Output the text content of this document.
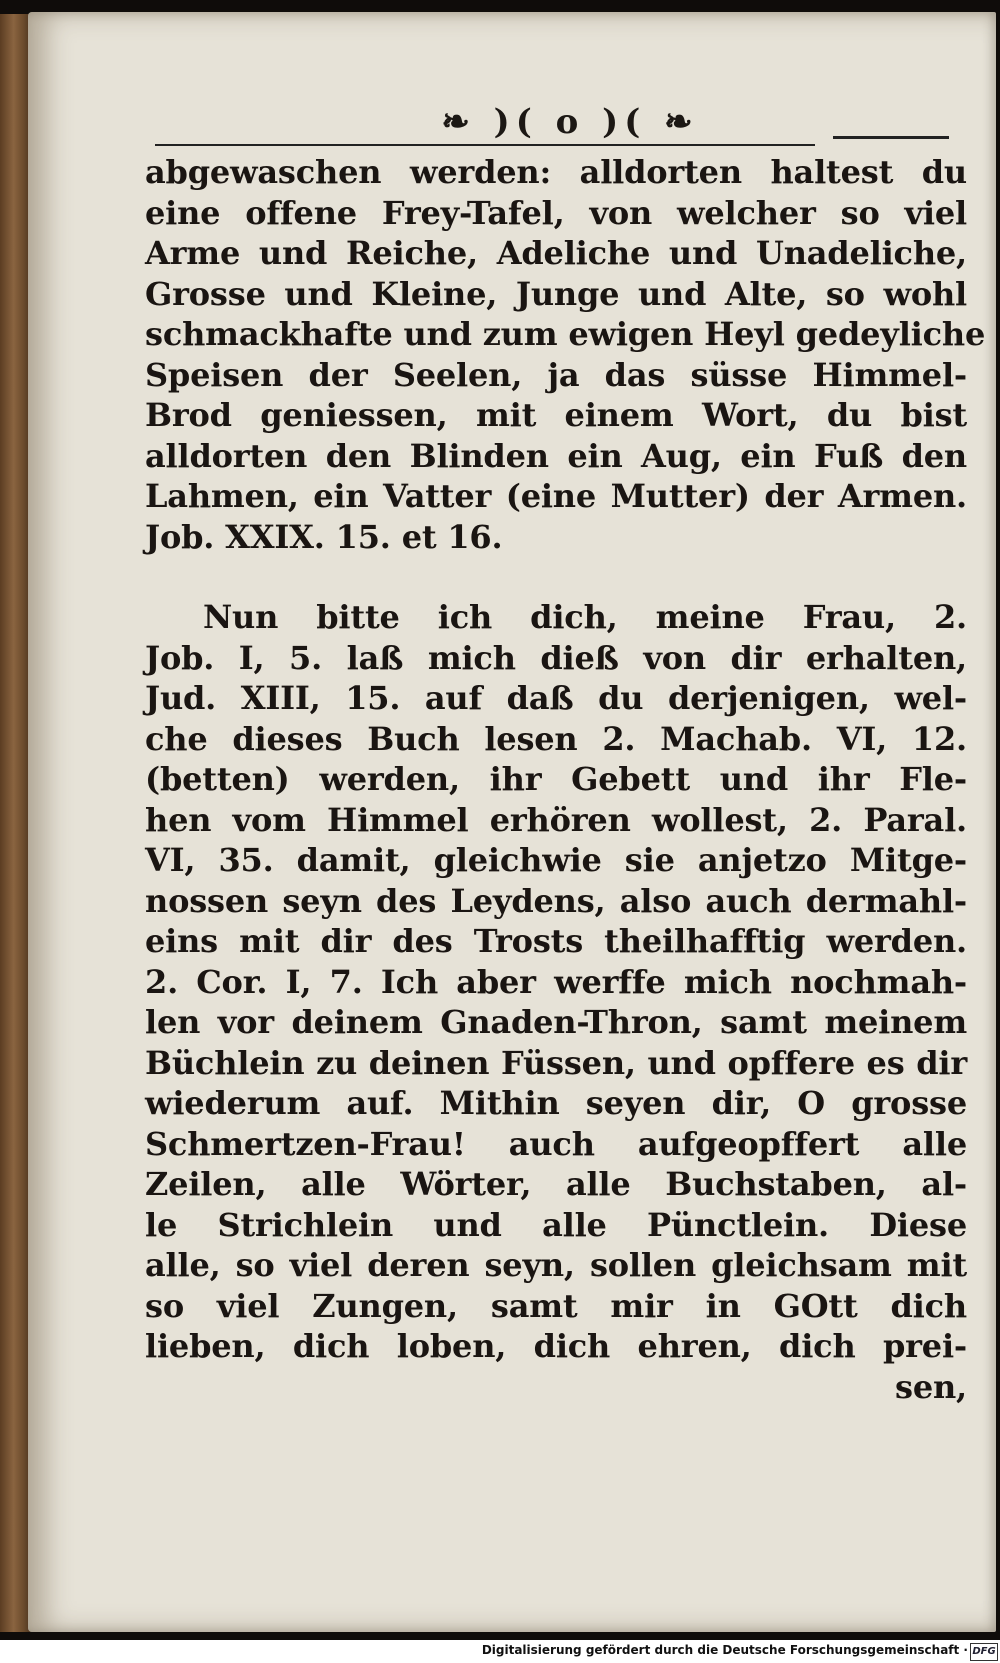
❧ )( o )( ❧
abgewaschen werden: alldorten haltest du
eine offene Frey-Tafel, von welcher so viel
Arme und Reiche, Adeliche und Unadeliche,
Grosse und Kleine, Junge und Alte, so wohl
schmackhafte und zum ewigen Heyl gedeyliche
Speisen der Seelen, ja das süsse Himmel-
Brod geniessen, mit einem Wort, du bist
alldorten den Blinden ein Aug, ein Fuß den
Lahmen, ein Vatter (eine Mutter) der Armen.
Job. XXIX. 15. et 16.
Nun bitte ich dich, meine Frau, 2.
Job. I, 5. laß mich dieß von dir erhalten,
Jud. XIII, 15. auf daß du derjenigen, wel-
che dieses Buch lesen 2. Machab. VI, 12.
(betten) werden, ihr Gebett und ihr Fle-
hen vom Himmel erhören wollest, 2. Paral.
VI, 35. damit, gleichwie sie anjetzo Mitge-
nossen seyn des Leydens, also auch dermahl-
eins mit dir des Trosts theilhafftig werden.
2. Cor. I, 7. Ich aber werffe mich nochmah-
len vor deinem Gnaden-Thron, samt meinem
Büchlein zu deinen Füssen, und opffere es dir
wiederum auf. Mithin seyen dir, O grosse
Schmertzen-Frau! auch aufgeopffert alle
Zeilen, alle Wörter, alle Buchstaben, al-
le Strichlein und alle Pünctlein. Diese
alle, so viel deren seyn, sollen gleichsam mit
so viel Zungen, samt mir in GOtt dich
lieben, dich loben, dich ehren, dich prei-
sen,
Digitalisierung gefördert durch die Deutsche Forschungsgemeinschaft · DFG
